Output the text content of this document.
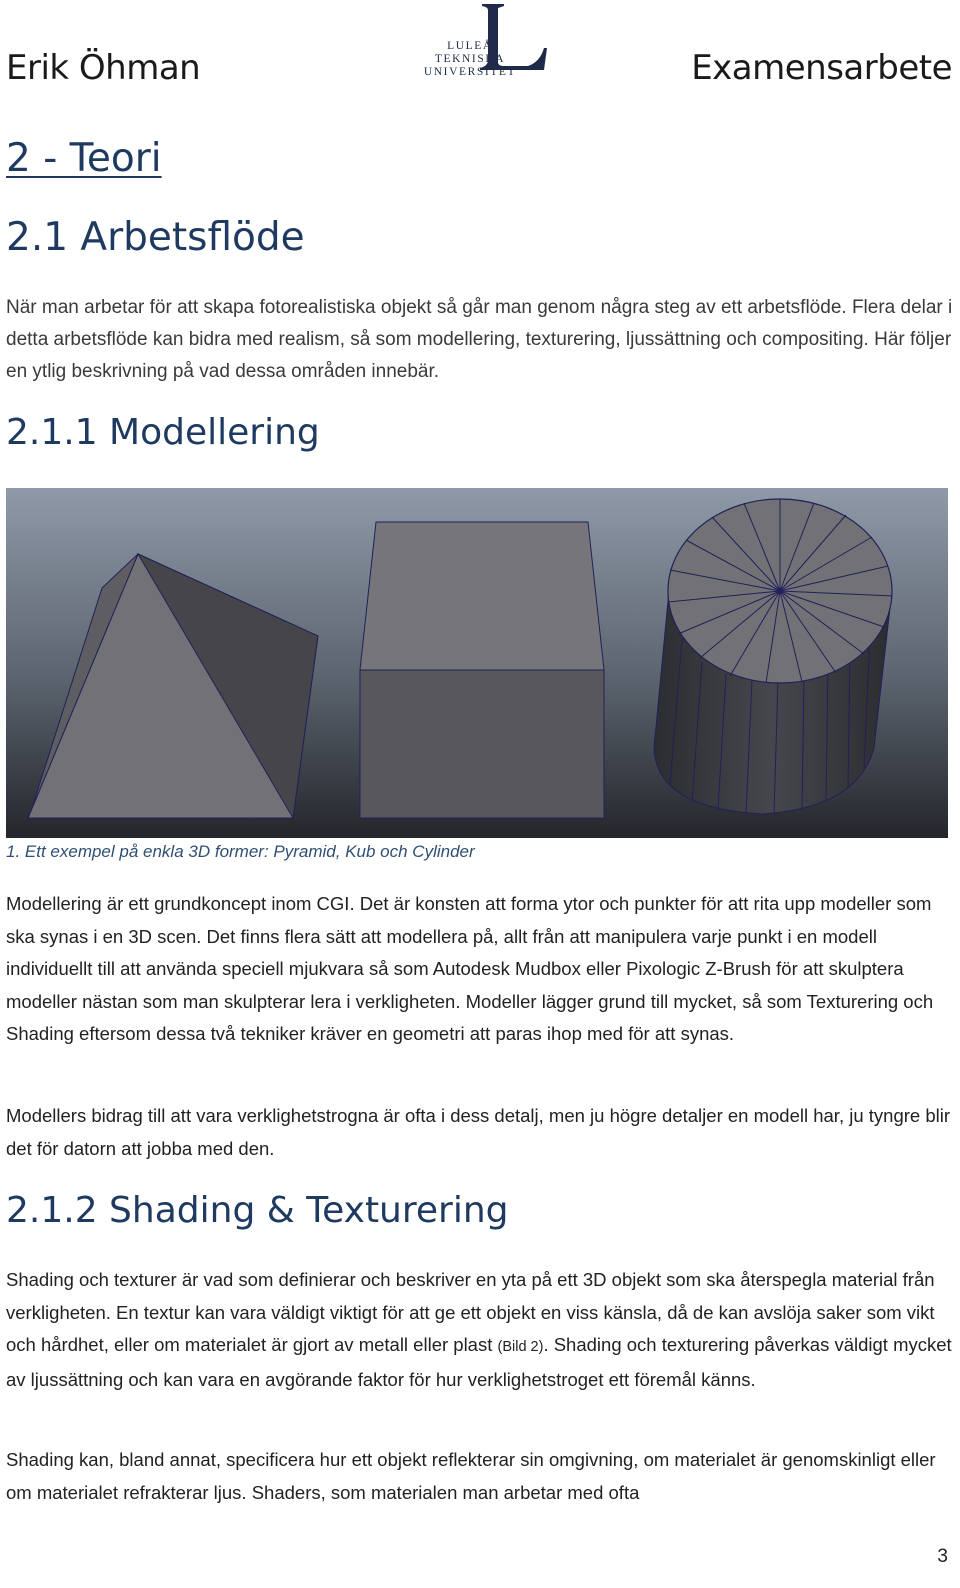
Erik Öhman
LULEÅ
TEKNISKA
UNIVERSITET	Examensarbete
2 - Teori
2.1 Arbetsflöde

När man arbetar för att skapa fotorealistiska objekt så går man genom några steg av ett arbetsflöde. Flera delar i detta arbetsflöde kan bidra med realism, så som modellering, texturering, ljussättning och compositing. Här följer en ytlig beskrivning på vad dessa områden innebär.

2.1.1 Modellering
1. Ett exempel på enkla 3D former: Pyramid, Kub och Cylinder

Modellering är ett grundkoncept inom CGI. Det är konsten att forma ytor och punkter för att rita upp modeller som ska synas i en 3D scen. Det finns flera sätt att modellera på, allt från att manipulera varje punkt i en modell individuellt till att använda speciell mjukvara så som Autodesk Mudbox eller Pixologic Z-Brush för att skulptera modeller nästan som man skulpterar lera i verkligheten. Modeller lägger grund till mycket, så som Texturering och Shading eftersom dessa två tekniker kräver en geometri att paras ihop med för att synas.

Modellers bidrag till att vara verklighetstrogna är ofta i dess detalj, men ju högre detaljer en modell har, ju tyngre blir det för datorn att jobba med den.

2.1.2 Shading & Texturering

Shading och texturer är vad som definierar och beskriver en yta på ett 3D objekt som ska återspegla material från verkligheten. En textur kan vara väldigt viktigt för att ge ett objekt en viss känsla, då de kan avslöja saker som vikt och hårdhet, eller om materialet är gjort av metall eller plast (Bild 2). Shading och texturering påverkas väldigt mycket av ljussättning och kan vara en avgörande faktor för hur verklighetstroget ett föremål känns.

Shading kan, bland annat, specificera hur ett objekt reflekterar sin omgivning, om materialet är genomskinligt eller om materialet refrakterar ljus. Shaders, som materialen man arbetar med ofta

3
